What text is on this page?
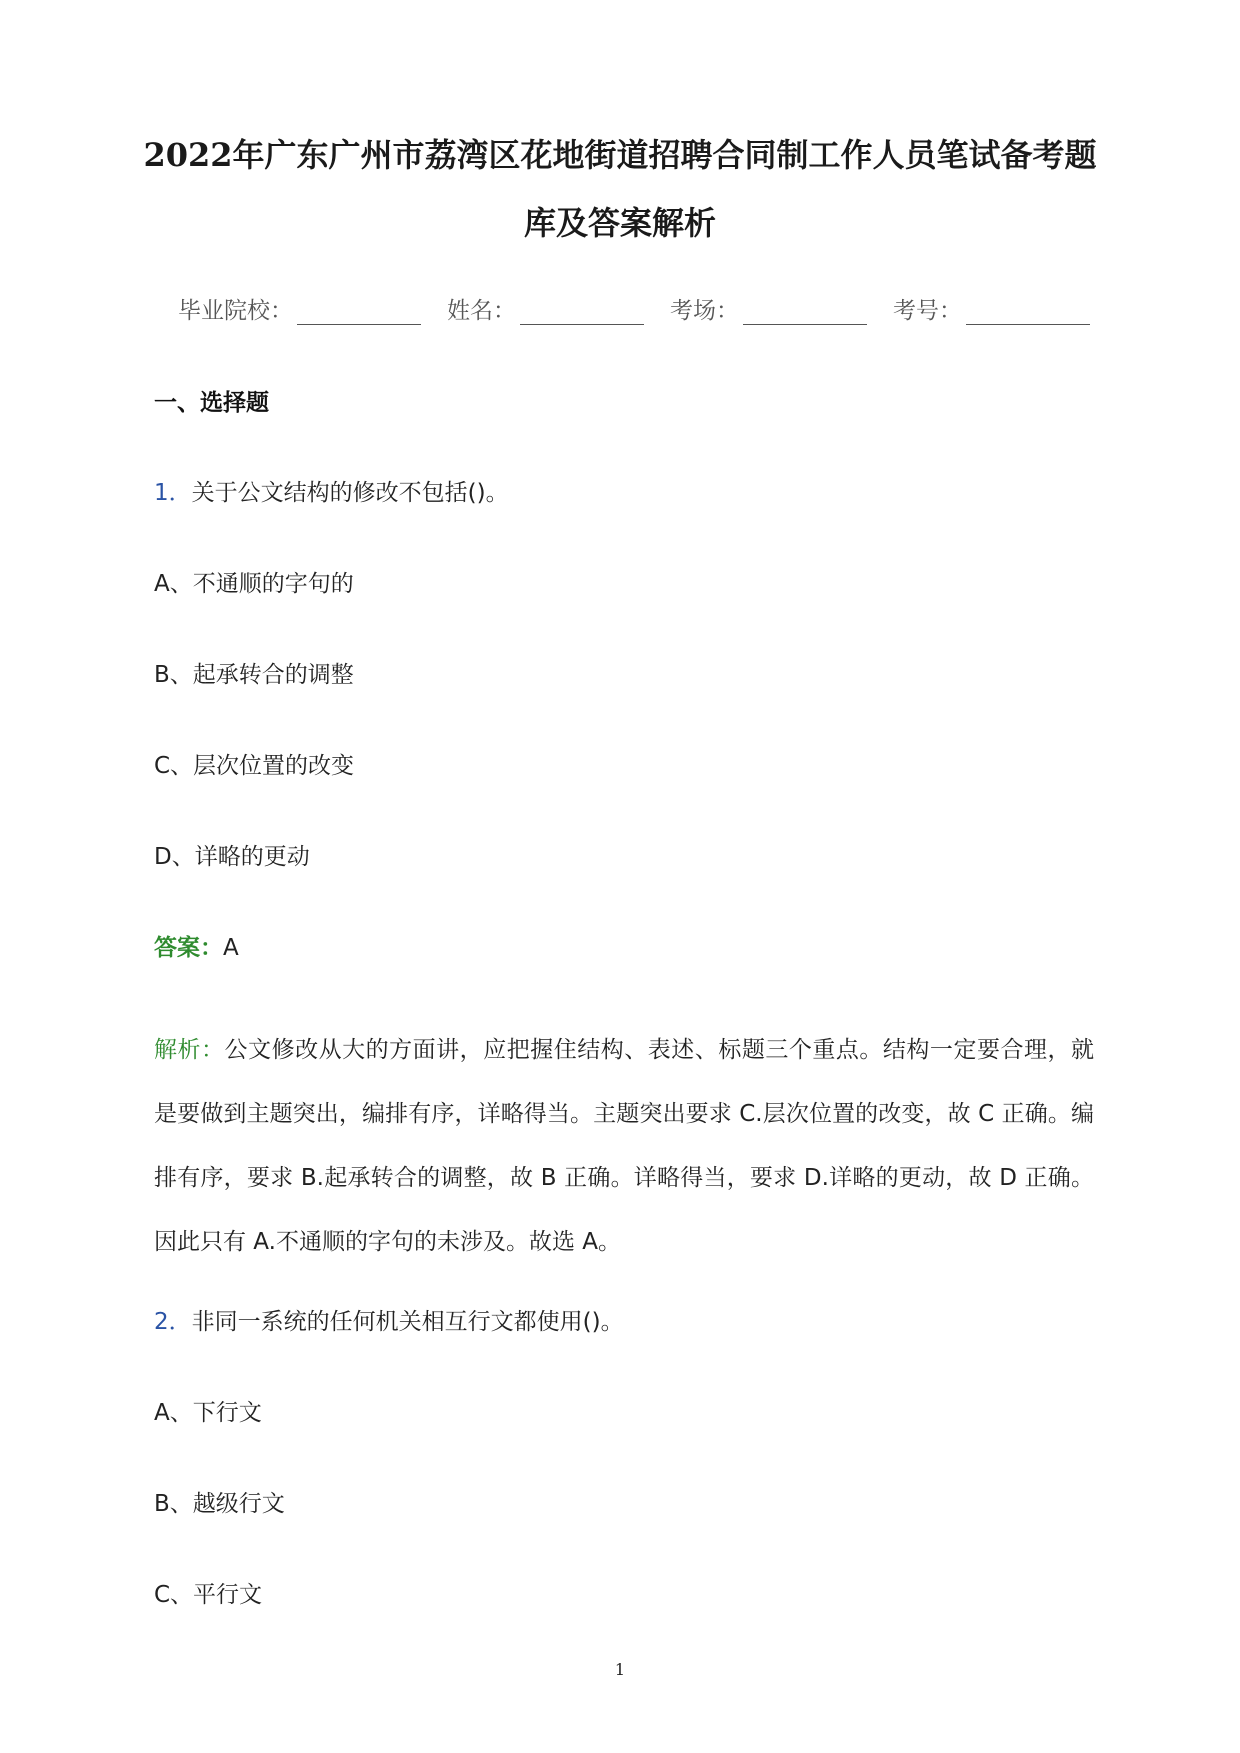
2022年广东广州市荔湾区花地街道招聘合同制工作人员笔试备考题
库及答案解析
毕业院校：	姓名：	考场：	考号：
一、选择题
1．关于公文结构的修改不包括()。
A、不通顺的字句的
B、起承转合的调整
C、层次位置的改变
D、详略的更动
答案：A
解析：公文修改从大的方面讲，应把握住结构、表述、标题三个重点。结构一定要合理，就是要做到主题突出，编排有序，详略得当。主题突出要求 C.层次位置的改变，故 C 正确。编排有序，要求 B.起承转合的调整，故 B 正确。详略得当，要求 D.详略的更动，故 D 正确。因此只有 A.不通顺的字句的未涉及。故选 A。
2．非同一系统的任何机关相互行文都使用()。
A、下行文
B、越级行文
C、平行文
1
